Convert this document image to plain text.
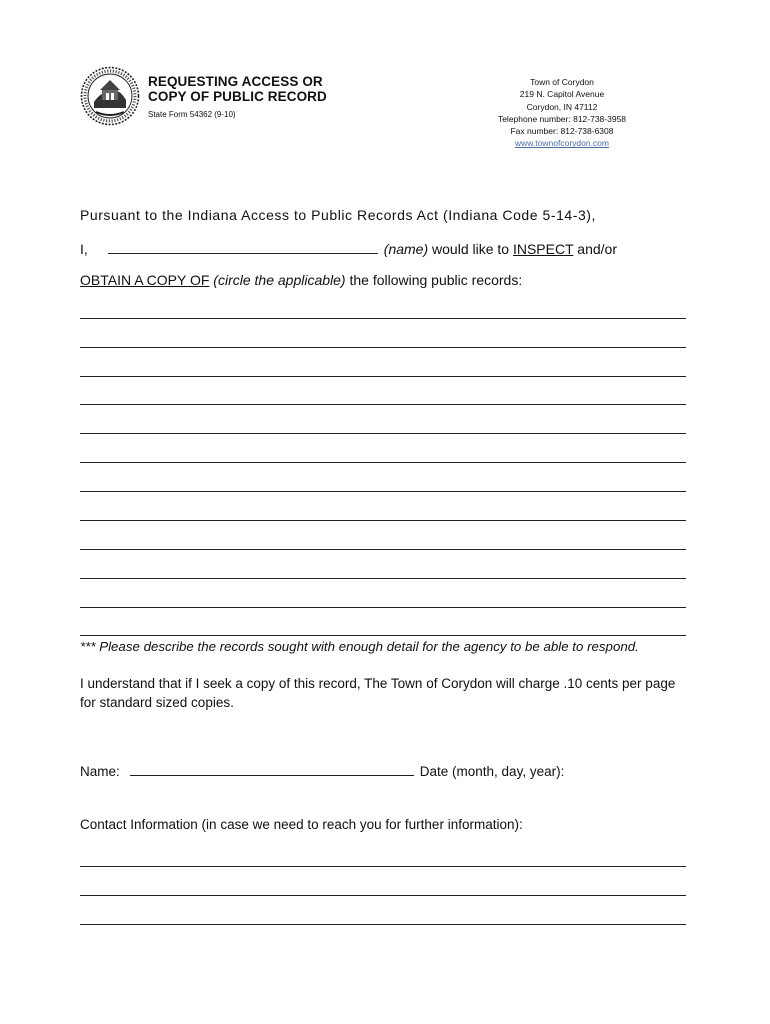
REQUESTING ACCESS OR
COPY OF PUBLIC RECORD
State Form 54362 (9-10)
Town of Corydon
219 N. Capitol Avenue
Corydon, IN 47112
Telephone number: 812-738-3958
Fax number: 812-738-6308
www.townofcorydon.com
Pursuant to the Indiana Access to Public Records Act (Indiana Code 5-14-3),
I,	(name) would like to INSPECT and/or
OBTAIN A COPY OF (circle the applicable) the following public records:
*** Please describe the records sought with enough detail for the agency to be able to respond.
I understand that if I seek a copy of this record, The Town of Corydon will charge .10 cents per page for standard sized copies.
Name:	Date (month, day, year):
Contact Information (in case we need to reach you for further information):
